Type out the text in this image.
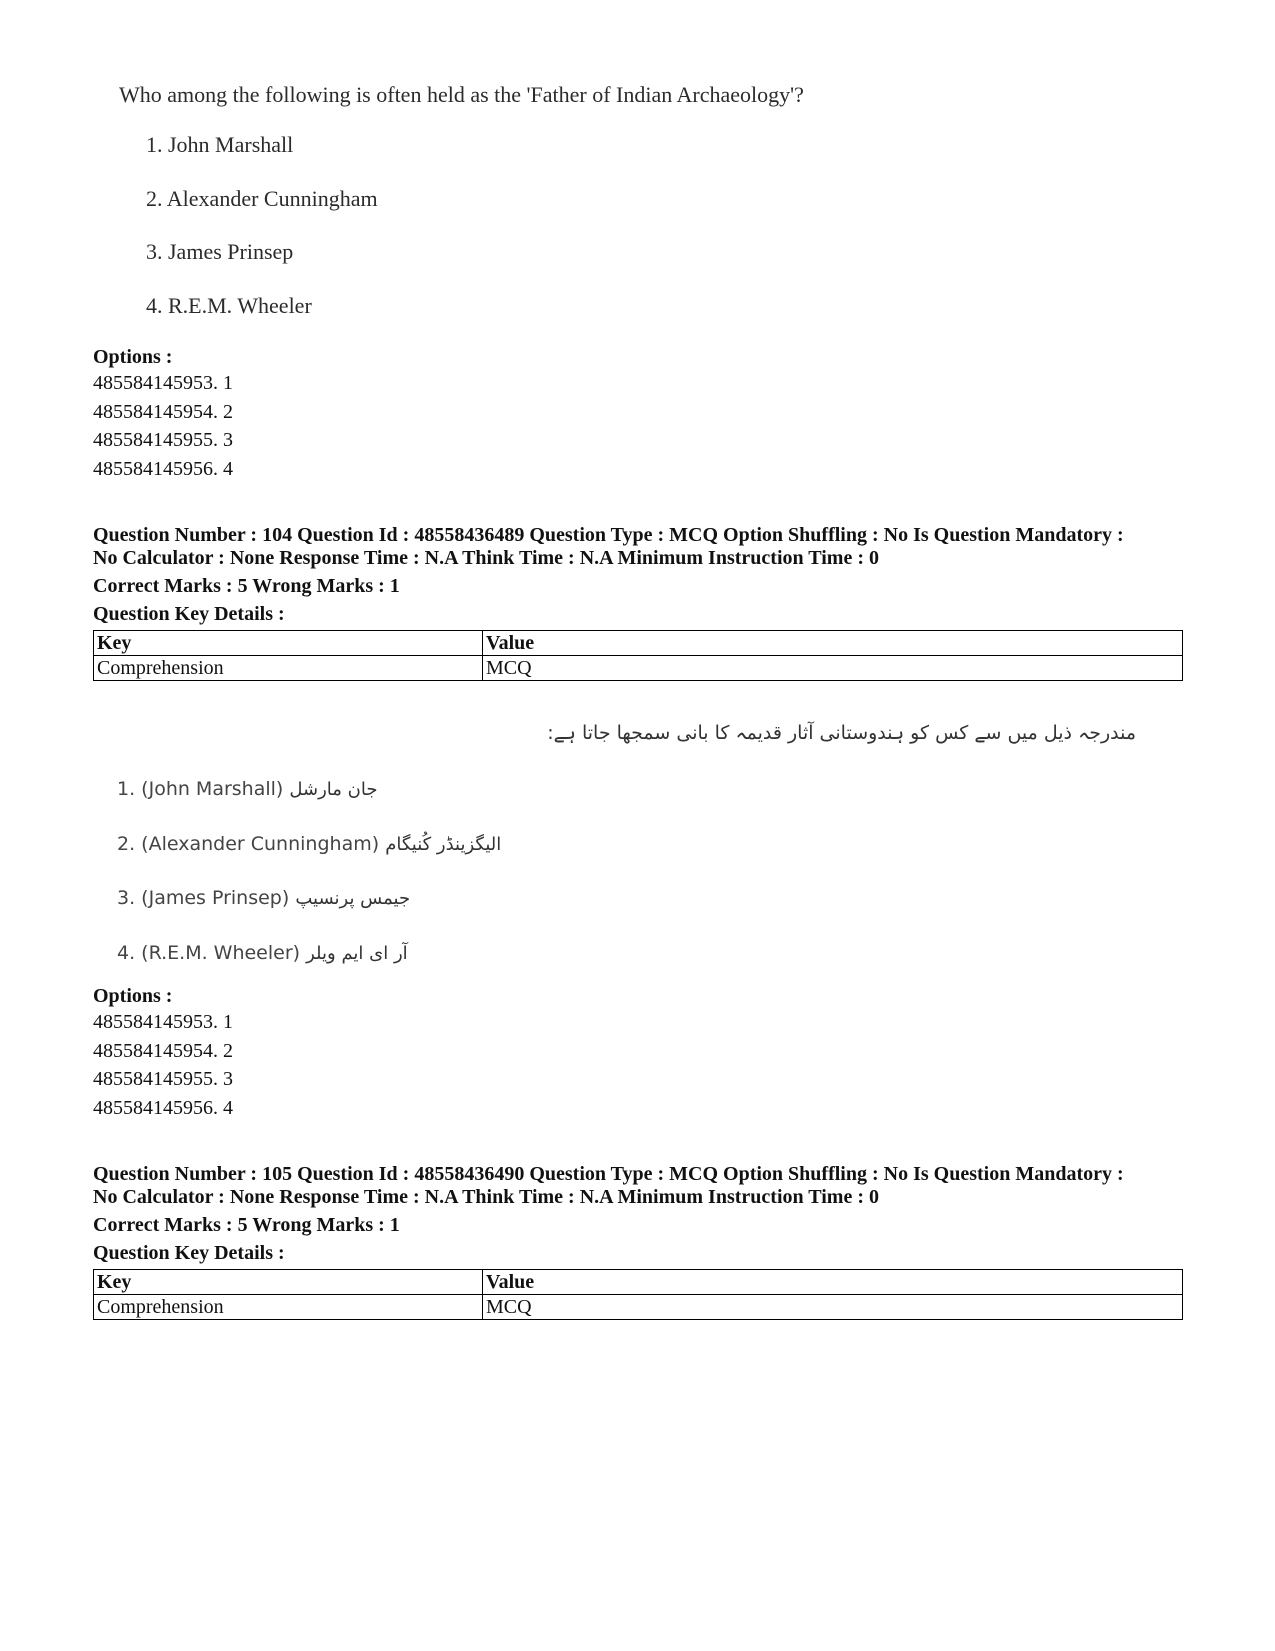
Who among the following is often held as the 'Father of Indian Archaeology'?
1. John Marshall
2. Alexander Cunningham
3. James Prinsep
4. R.E.M. Wheeler
Options :
485584145953. 1
485584145954. 2
485584145955. 3
485584145956. 4
Question Number : 104 Question Id : 48558436489 Question Type : MCQ Option Shuffling : No Is Question Mandatory :
No Calculator : None Response Time : N.A Think Time : N.A Minimum Instruction Time : 0
Correct Marks : 5 Wrong Marks : 1
Question Key Details :
Key	Value
Comprehension	MCQ
مندرجہ ذیل میں سے کس کو ہندوستانی آثار قدیمہ کا بانی سمجھا جاتا ہے:
1. (John Marshall) جان مارشل
2. (Alexander Cunningham) الیگزینڈر کُنیگام
3. (James Prinsep) جیمس پرنسیپ
4. (R.E.M. Wheeler) آر ای ایم ویلر
Options :
485584145953. 1
485584145954. 2
485584145955. 3
485584145956. 4
Question Number : 105 Question Id : 48558436490 Question Type : MCQ Option Shuffling : No Is Question Mandatory :
No Calculator : None Response Time : N.A Think Time : N.A Minimum Instruction Time : 0
Correct Marks : 5 Wrong Marks : 1
Question Key Details :
Key	Value
Comprehension	MCQ
